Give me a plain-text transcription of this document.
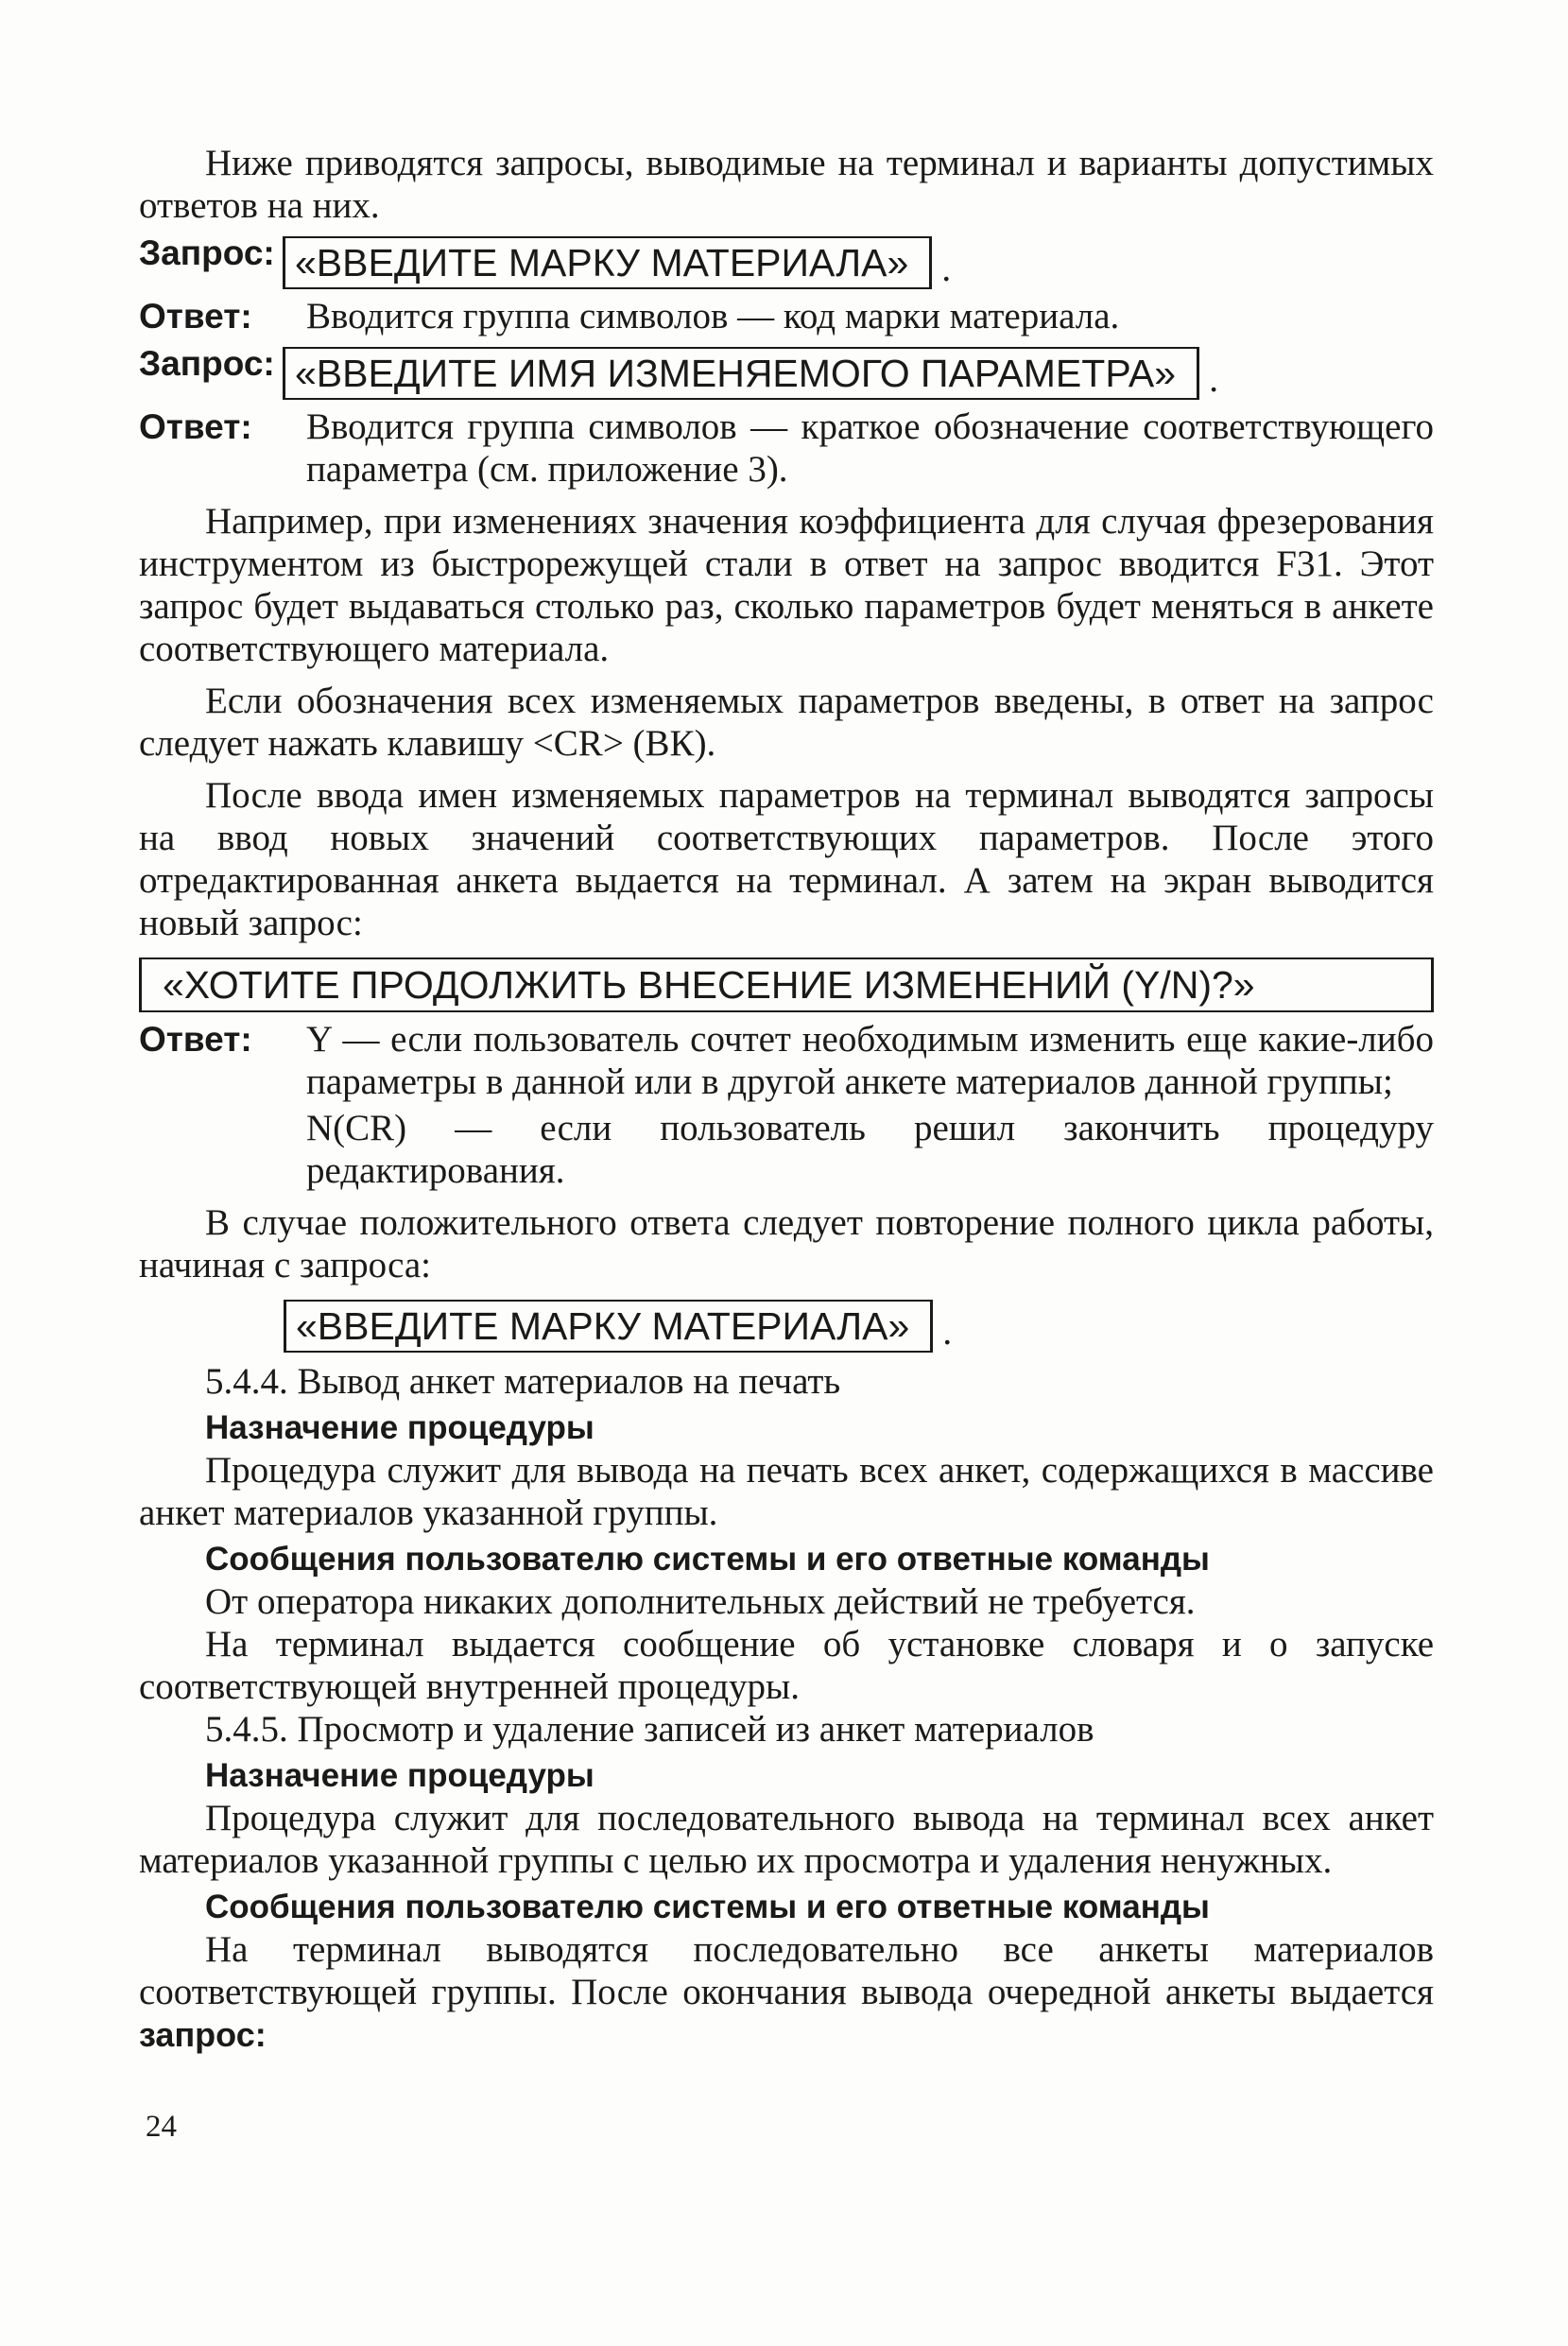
Ниже приводятся запросы, выводимые на терминал и варианты допустимых ответов на них.

Запрос: «ВВЕДИТЕ МАРКУ МАТЕРИАЛА» .
Ответ:	Вводится группа символов — код марки материала.

Запрос: «ВВЕДИТЕ ИМЯ ИЗМЕНЯЕМОГО ПАРАМЕТРА» .
Ответ:	Вводится группа символов — краткое обозначение соответствующего параметра (см. приложение 3).

Например, при изменениях значения коэффициента для случая фрезерования инструментом из быстрорежущей стали в ответ на запрос вводится F31. Этот запрос будет выдаваться столько раз, сколько параметров будет меняться в анкете соответствующего материала.

Если обозначения всех изменяемых параметров введены, в ответ на запрос следует нажать клавишу <CR> (ВК).

После ввода имен изменяемых параметров на терминал выводятся запросы на ввод новых значений соответствующих параметров. После этого отредактированная анкета выдается на терминал. А затем на экран выводится новый запрос:

«ХОТИТЕ ПРОДОЛЖИТЬ ВНЕСЕНИЕ ИЗМЕНЕНИЙ (Y/N)?»
Ответ:	Y — если пользователь сочтет необходимым изменить еще какие-либо параметры в данной или в другой анкете материалов данной группы;

N(CR) — если пользователь решил закончить процедуру редактирования.

В случае положительного ответа следует повторение полного цикла работы, начиная с запроса:

«ВВЕДИТЕ МАРКУ МАТЕРИАЛА» .

5.4.4. Вывод анкет материалов на печать

Назначение процедуры

Процедура служит для вывода на печать всех анкет, содержащихся в массиве анкет материалов указанной группы.

Сообщения пользователю системы и его ответные команды

От оператора никаких дополнительных действий не требуется.

На терминал выдается сообщение об установке словаря и о запуске соответствующей внутренней процедуры.

5.4.5. Просмотр и удаление записей из анкет материалов

Назначение процедуры

Процедура служит для последовательного вывода на терминал всех анкет материалов указанной группы с целью их просмотра и удаления ненужных.

Сообщения пользователю системы и его ответные команды

На терминал выводятся последовательно все анкеты материалов соответствующей группы. После окончания вывода очередной анкеты выдается запрос:

24
